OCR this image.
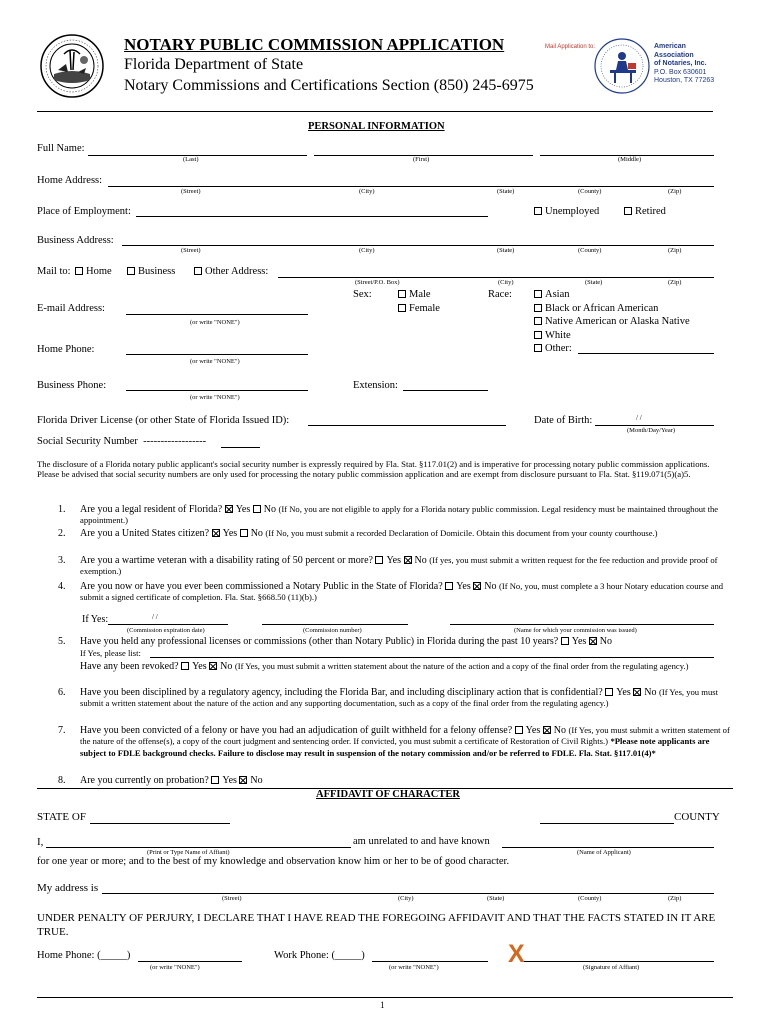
NOTARY PUBLIC COMMISSION APPLICATION
Florida Department of State
Notary Commissions and Certifications Section (850) 245-6975
Mail Application to:	American
Association
of Notaries, Inc.
P.O. Box 630601
Houston, TX 77263
PERSONAL INFORMATION
Full Name:
(Last)	(First)	(Middle)
Home Address:
(Street)	(City)	(State)	(County)	(Zip)
Place of Employment:	Unemployed	Retired
Business Address:
(Street)	(City)	(State)	(County)	(Zip)
Mail to:	Home	Business	Other Address:
(Street/P.O. Box)	(City)	(State)	(Zip)
Sex:	Male
Female
Race:	Asian
Black or African American
Native American or Alaska Native
White
Other:
E-mail Address:
(or write "NONE")
Home Phone:
(or write "NONE")
Business Phone:
(or write "NONE")
Extension:
Florida Driver License (or other State of Florida Issued ID):	Date of Birth:	/ /
(Month/Day/Year)
Social Security Number ------------------
The disclosure of a Florida notary public applicant's social security number is expressly required by Fla. Stat. §117.01(2) and is imperative for processing notary public commission applications. Please be advised that social security numbers are only used for processing the notary public commission application and are exempt from disclosure pursuant to Fla. Stat. §119.071(5)(a)5.
1. Are you a legal resident of Florida? Yes No (If No, you are not eligible to apply for a Florida notary public commission. Legal residency must be maintained throughout the appointment.)
2. Are you a United States citizen? Yes No (If No, you must submit a recorded Declaration of Domicile. Obtain this document from your county courthouse.)
3. Are you a wartime veteran with a disability rating of 50 percent or more? Yes No (If yes, you must submit a written request for the fee reduction and provide proof of exemption.)
4. Are you now or have you ever been commissioned a Notary Public in the State of Florida? Yes No (If No, you, must complete a 3 hour Notary education course and submit a signed certificate of completion. Fla. Stat. §668.50 (11)(b).)
If Yes:	/ /
(Commission expiration date)	(Commission number)	(Name for which your commission was issued)
5. Have you held any professional licenses or commissions (other than Notary Public) in Florida during the past 10 years? Yes No
If Yes, please list:
Have any been revoked? Yes No (If Yes, you must submit a written statement about the nature of the action and a copy of the final order from the regulating agency.)
6. Have you been disciplined by a regulatory agency, including the Florida Bar, and including disciplinary action that is confidential? Yes No (If Yes, you must submit a written statement about the nature of the action and any supporting documentation, such as a copy of the final order from the regulating agency.)
7. Have you been convicted of a felony or have you had an adjudication of guilt withheld for a felony offense? Yes No (If Yes, you must submit a written statement of the nature of the offense(s), a copy of the court judgment and sentencing order. If convicted, you must submit a certificate of Restoration of Civil Rights.) *Please note applicants are subject to FDLE background checks. Failure to disclose may result in suspension of the notary commission and/or be referred to FDLE. Fla. Stat. §117.01(4)*
8. Are you currently on probation? Yes No
AFFIDAVIT OF CHARACTER
STATE OF	COUNTY
I,
(Print or Type Name of Affiant)
am unrelated to and have known
(Name of Applicant)
for one year or more; and to the best of my knowledge and observation know him or her to be of good character.
My address is
(Street)	(City)	(State)	(County)	(Zip)
UNDER PENALTY OF PERJURY, I DECLARE THAT I HAVE READ THE FOREGOING AFFIDAVIT AND THAT THE FACTS STATED IN IT ARE TRUE.
Home Phone: (_____)
(or write "NONE")
Work Phone: (_____)
(or write "NONE")	X	(Signature of Affiant)
1
